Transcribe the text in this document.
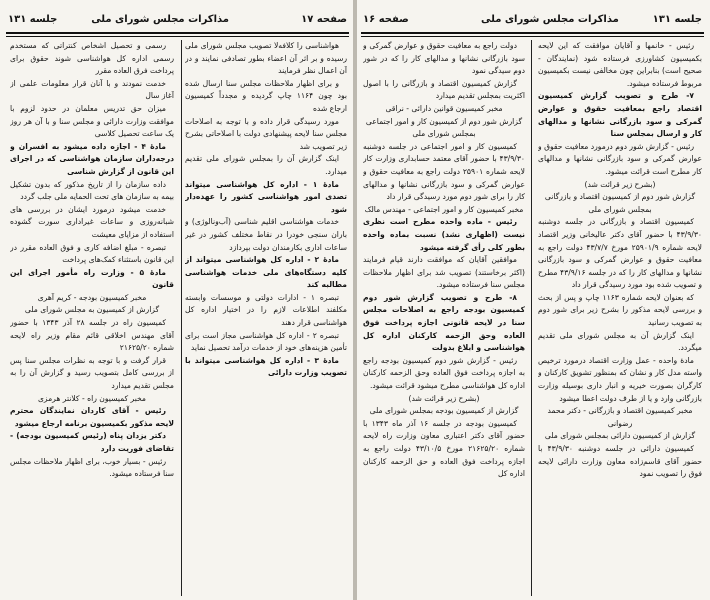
صفحه ۱۷
مذاکرات مجلس شورای ملی
جلسه ۱۳۱

هواشناسی را کلافه‌لا تصویب مجلس شورای ملی رسیده و بر اثر آن اعضاء بطور تصادفی نمایند و در آن اعمال نظر فرمایند

و برای اظهار ملاحظات مجلس سنا ارسال شده بود چون ۱۱۶۴ چاپ گردیده و مجدداً کمیسیون ارجاع شده

مورد رسیدگی قرار داده و با توجه به اصلاحات مجلس سنا لایحه پیشنهادی دولت با اصلاحاتی بشرح زیر تصویب شد

اینک گزارش آن را بمجلس شورای ملی تقدیم میدارد.

مادۀ ۱ - اداره کل هواشناسی میتواند تصدی امور هواشناسی کشور را عهده‌دار شود

خدمات هواشناسی اقلیم شناسی (آب‌ونالوژی) و باران سنجی خودرا در نقاط مختلف کشور در غیر ساعات اداری بکارمندان دولت بپردازد

مادۀ ۲ - اداره کل هواشناسی میتواند از کلیه دستگاه‌های ملی خدمات هواشناسی مطالبه کند

تبصره ۱ - ادارات دولتی و موسسات وابسته مکلفند اطلاعات لازم را در اختیار اداره کل هواشناسی قرار دهند

تبصره ۲ - اداره کل هواشناسی مجاز است برای تأمین هزینه‌های خود از خدمات درآمد تحصیل نماید

مادۀ ۳ - اداره کل هواشناسی میتواند با تصویب وزارت دارائی

رسمی و تحصیل اشخاص کنتراتی که مستخدم رسمی اداره کل هواشناسی شوند حقوق برای پرداخت فرق العاده مقرر

خدمت نمودند و با آنان قرار معلومات علمی از آغاز سال

میزان حق تدریس معلمان در حدود لزوم با موافقت وزارت دارائی و مجلس سنا و با آن هر روز یک ساعت تحصیل کلاسی

مادۀ ۴ - اجازه داده میشود به افسران و درجه‌داران سازمان هواشناسی که در اجرای این قانون از گزارش شناسی

داده سازمان را از تاریخ مذکور که بدون تشکیل بیمه به سازمان های تحت الحمایه ملی جلب گردد

خدمت میشود درمورد ایشان در بررسی های شبانه‌روزی و ساعات غیراداری سورت گشوده استفاده از مزایای معیشت

تبصره - مبلغ اضافه کاری و فوق العاده مقرر در این قانون باستثناء کمک‌های پرداخت

مادۀ ۵ - وزارت راه مأمور اجرای این قانون

مخبر کمیسیون بودجه - کریم آهری

گزارش از کمیسیون به مجلس شورای ملی

کمیسیون راه در جلسه ۲۸ آذر ۱۳۴۳ با حضور آقای مهندس اخلاقی قائم مقام وزیر راه لایحه شماره ۲۱۶۲۵/۲۰

قرار گرفت و با توجه به نظرات مجلس سنا پس از بررسی کامل بتصویب رسید و گزارش آن را به مجلس تقدیم میدارد

مخبر کمیسیون راه - کلانتر هرمزی

رئیس - آقای کاردان نمایندگان محترم لایحه مذکور بکمیسیون برنامه ارجاع میشود

دکتر یزدان پناه (رئیس کمیسیون بودجه) - تقاضای فوریت دارد

رئیس - بسیار خوب، برای اظهار ملاحظات مجلس سنا فرستاده میشود.

صفحه ۱۶	مذاکرات مجلس شورای ملی	جلسه ۱۳۱

رئیس - خانمها و آقایان موافقت که این لایحه بکمیسیون کشاورزی فرستاده شود (نمایندگان - صحیح است) بنابراین چون مخالفی نیست بکمیسیون مربوط فرستاده میشود.

۷- طرح و تصویب گزارش کمیسیون اقتصاد راجع بمعافیت حقوق و عوارض گمرکی و سود بازرگانی نشانها و مدالهای کار و ارسال بمجلس سنا

رئیس - گزارش شور دوم درمورد معافیت حقوق و عوارض گمرکی و سود بازرگانی نشانها و مدالهای کار مطرح است قرائت میشود.

(بشرح زیر قرائت شد)

گزارش شور دوم از کمیسیون اقتصاد و بازرگانی بمجلس شورای ملی

کمیسیون اقتصاد و بازرگانی در جلسه دوشنبه ۴۳/۹/۳۰ با حضور آقای دکتر عالیخانی وزیر اقتصاد لایحه شماره ۲۵۹۰۱/۹ مورخ ۴۳/۷/۷ دولت راجع به معافیت حقوق و عوارض گمرکی و سود بازرگانی نشانها و مدالهای کار را که در جلسه ۴۳/۹/۱۶ مطرح و تصویب شده بود مورد رسیدگی قرار داد

که بعنوان لایحه شماره ۱۱۶۳ چاپ و پس از بحث و بررسی لایحه مذکور را بشرح زیر برای شور دوم به تصویب رسانید

اینک گزارش آن به مجلس شورای ملی تقدیم میگردد.

مادۀ واحده - عمل وزارت اقتصاد درمورد ترخیص واسته مدل کار و نشان که بمنظور تشویق کارکنان و کارگران بصورت خیریه و انبار داری بوسیله وزارت بازرگانی وارد و یا از طرف دولت اعطا میشود

مخبر کمیسیون اقتصاد و بازرگانی - دکتر محمد رضوانی

گزارش از کمیسیون دارائی بمجلس شورای ملی

کمیسیون دارائی در جلسه دوشنبه ۴۳/۹/۳۰ با حضور آقای قاسم‌زاده معاون وزارت دارائی لایحه فوق را تصویب نمود

دولت راجع به معافیت حقوق و عوارض گمرکی و سود بازرگانی نشانها و مدالهای کار را که در شور دوم سیدگی نمود

گزارش کمیسیون اقتصاد و بازرگانی را با اصول اکثریت بمجلس تقدیم میدارد

مخبر کمیسیون قوانین دارائی - نراقی

گزارش شور دوم از کمیسیون کار و امور اجتماعی بمجلس شورای ملی

کمیسیون کار و امور اجتماعی در جلسه دوشنبه ۴۳/۹/۳۰ با حضور آقای معتمد حسابداری وزارت کار لایحه شماره ۲۵۹۰۱ دولت راجع به معافیت حقوق و عوارض گمرکی و سود بازرگانی نشانها و مدالهای کار را برای شور دوم مورد رسیدگی قرار داد

مخبر کمیسیون کار و امور اجتماعی - مهندس مالک

رئیس - ماده واحده مطرح است نظری نیست (اظهاری نشد) نسبت بماده واحده بطور کلی رأی گرفته میشود

موافقین آقایان که موافقت دارند قیام فرمایند (اکثر برخاستند) تصویب شد برای اظهار ملاحظات مجلس سنا فرستاده میشود.

۸- طرح و تصویب گزارش شور دوم کمیسیون بودجه راجع به اصلاحات مجلس سنا در لایحه قانونی اجازه پرداخت فوق العاده وحق الزحمه کارکنان اداره کل هواشناسی و ابلاغ بدولت

رئیس - گزارش شور دوم کمیسیون بودجه راجع به اجازه پرداخت فوق العاده وحق الزحمه کارکنان اداره کل هواشناسی مطرح میشود قرائت میشود.

(بشرح زیر قرائت شد)

گزارش از کمیسیون بودجه بمجلس شورای ملی

کمیسیون بودجه در جلسه ۱۶ آذر ماه ۱۳۴۳ با حضور آقای دکتر اعتباری معاون وزارت راه لایحه شماره ۲۱۶۲۵/۲۰ مورخ ۴۳/۱۰/۵ دولت راجع به اجازه پرداخت فوق العاده و حق الزحمه کارکنان اداره کل
